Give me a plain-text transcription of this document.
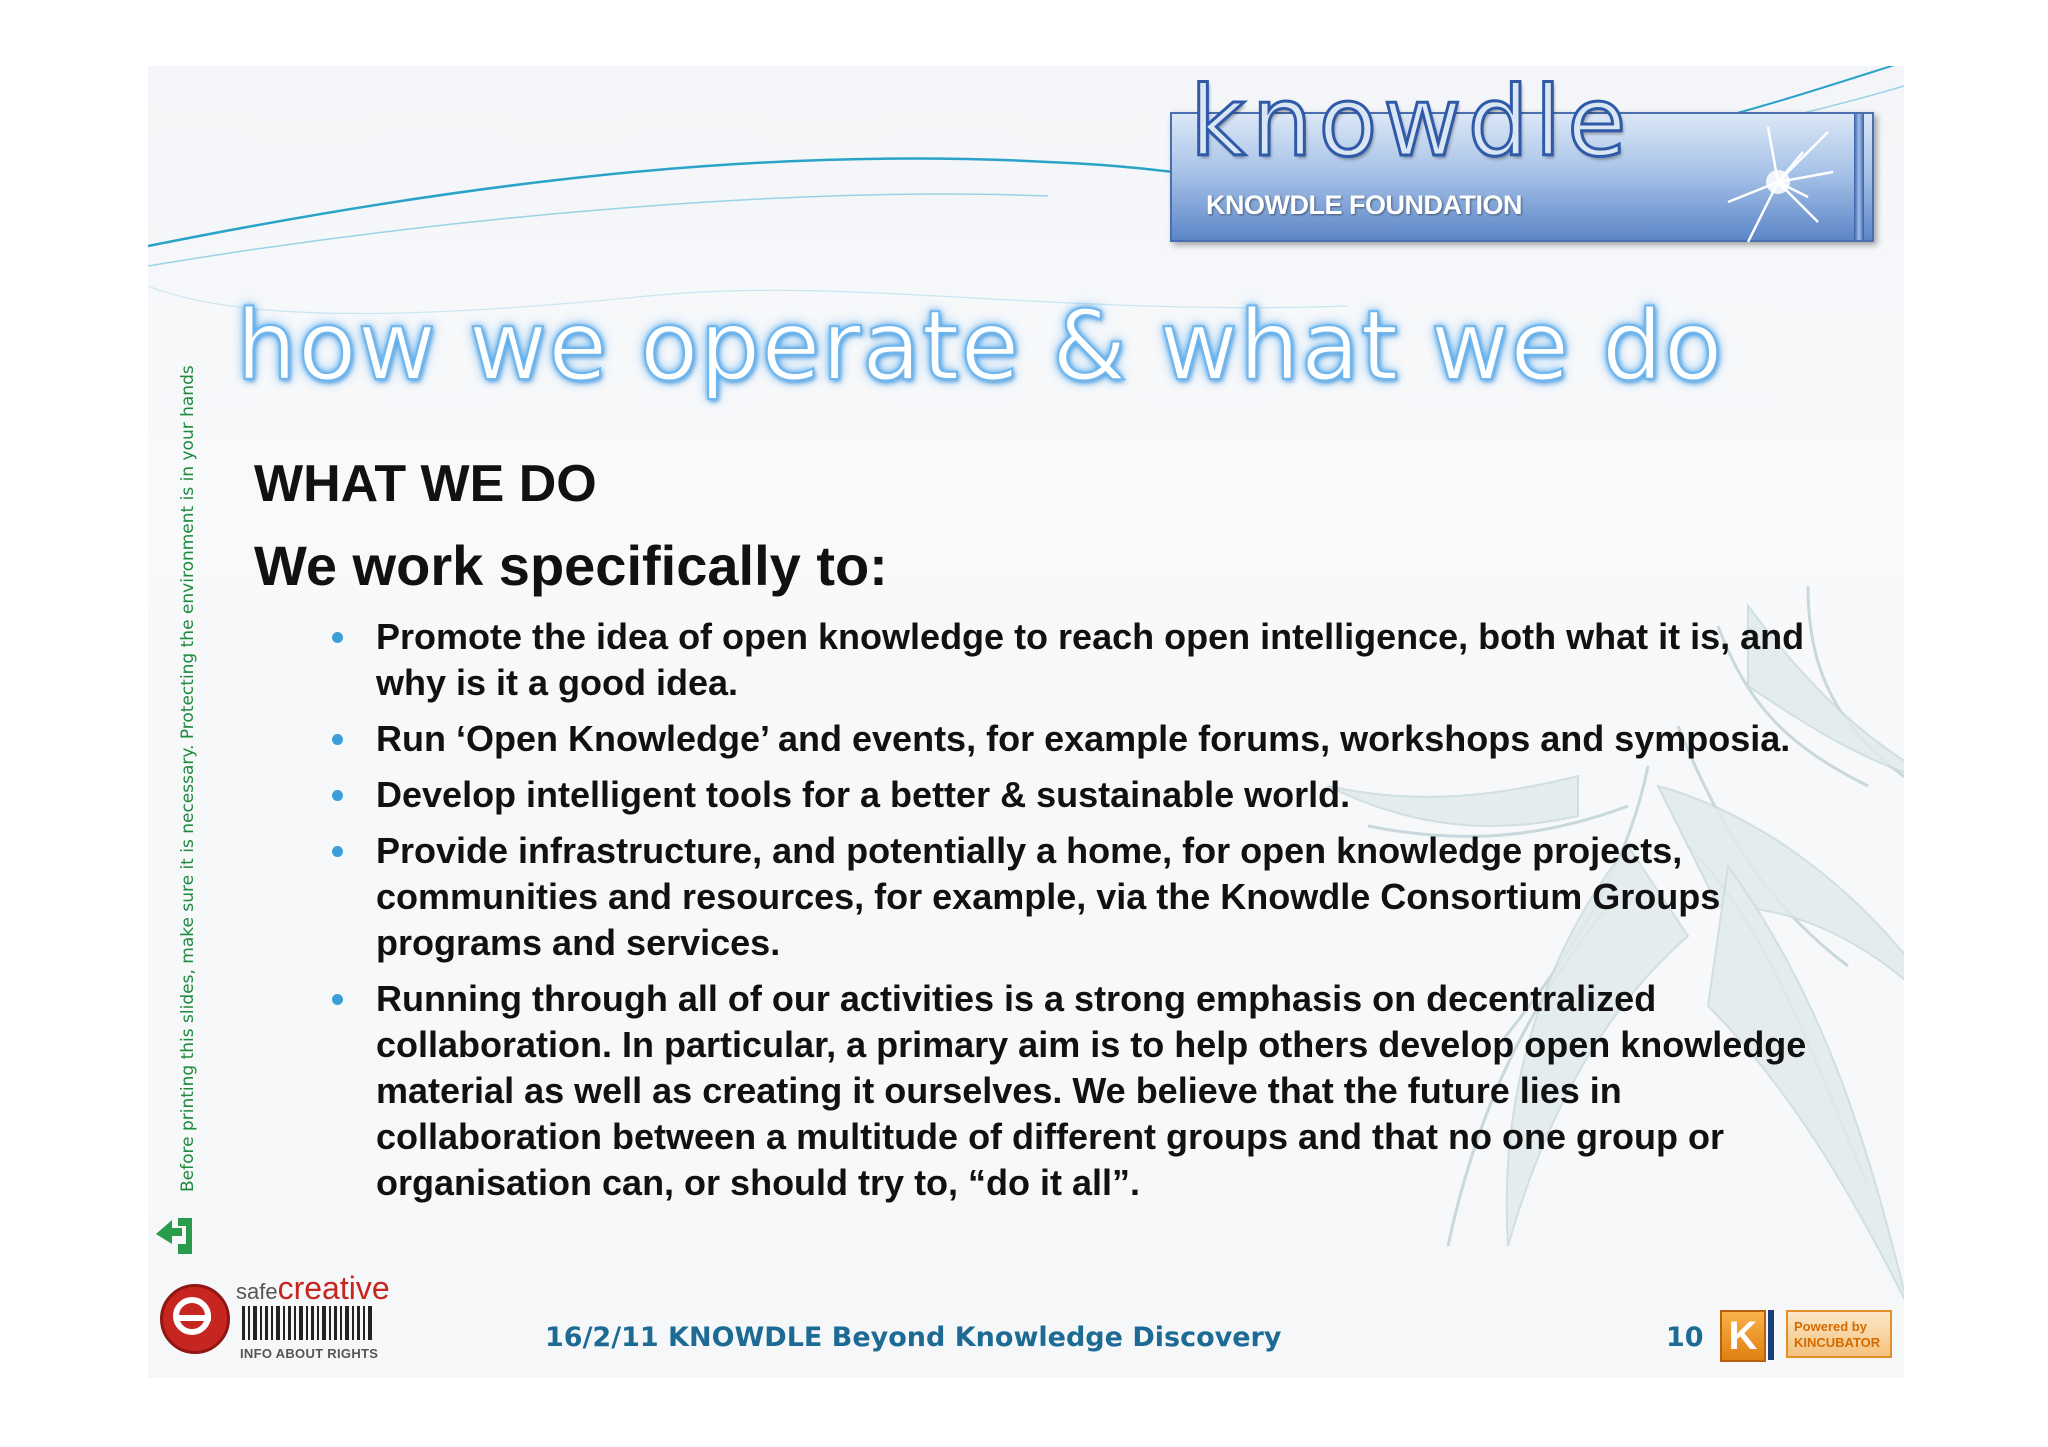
knowdle
KNOWDLE FOUNDATION
how we operate & what we do
Before printing this slides, make sure it is necessary. Protecting the environment is in your hands WHAT WE DO
We work specifically to:
Promote the idea of open knowledge to reach open intelligence, both what it is, and why is it a good idea.
Run ‘Open Knowledge’ and events, for example forums, workshops and symposia.
Develop intelligent tools for a better & sustainable world.
Provide infrastructure, and potentially a home, for open knowledge projects, communities and resources, for example, via the Knowdle Consortium Groups programs and services.
Running through all of our activities is a strong emphasis on decentralized collaboration. In particular, a primary aim is to help others develop open knowledge material as well as creating it ourselves. We believe that the future lies in collaboration between a multitude of different groups and that no one group or organisation can, or should try to, “do it all”.
safecreative
INFO ABOUT RIGHTS
16/2/11 KNOWDLE Beyond Knowledge Discovery	10 K	Powered by
KINCUBATOR
